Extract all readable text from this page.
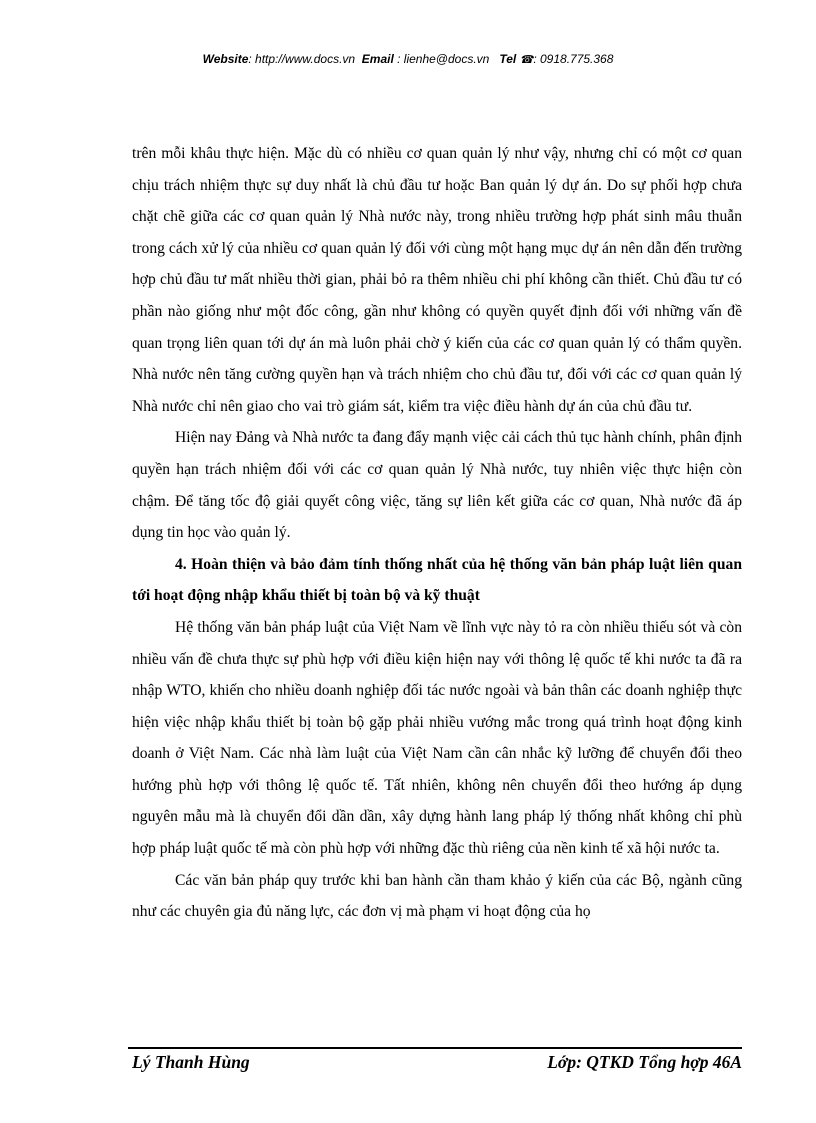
Website: http://www.docs.vn Email : lienhe@docs.vn Tel ☎: 0918.775.368

trên mỗi khâu thực hiện. Mặc dù có nhiều cơ quan quản lý như vậy, nhưng chỉ có một cơ quan chịu trách nhiệm thực sự duy nhất là chủ đầu tư hoặc Ban quản lý dự án. Do sự phối hợp chưa chặt chẽ giữa các cơ quan quản lý Nhà nước này, trong nhiều trường hợp phát sinh mâu thuẫn trong cách xử lý của nhiều cơ quan quản lý đối với cùng một hạng mục dự án nên dẫn đến trường hợp chủ đầu tư mất nhiều thời gian, phải bỏ ra thêm nhiều chi phí không cần thiết. Chủ đầu tư có phần nào giống như một đốc công, gần như không có quyền quyết định đối với những vấn đề quan trọng liên quan tới dự án mà luôn phải chờ ý kiến của các cơ quan quản lý có thẩm quyền. Nhà nước nên tăng cường quyền hạn và trách nhiệm cho chủ đầu tư, đối với các cơ quan quản lý Nhà nước chỉ nên giao cho vai trò giám sát, kiểm tra việc điều hành dự án của chủ đầu tư.

Hiện nay Đảng và Nhà nước ta đang đẩy mạnh việc cải cách thủ tục hành chính, phân định quyền hạn trách nhiệm đối với các cơ quan quản lý Nhà nước, tuy nhiên việc thực hiện còn chậm. Để tăng tốc độ giải quyết công việc, tăng sự liên kết giữa các cơ quan, Nhà nước đã áp dụng tin học vào quản lý.

4. Hoàn thiện và bảo đảm tính thống nhất của hệ thống văn bản pháp luật liên quan tới hoạt động nhập khẩu thiết bị toàn bộ và kỹ thuật

Hệ thống văn bản pháp luật của Việt Nam về lĩnh vực này tỏ ra còn nhiều thiếu sót và còn nhiều vấn đề chưa thực sự phù hợp với điều kiện hiện nay với thông lệ quốc tế khi nước ta đã ra nhập WTO, khiến cho nhiều doanh nghiệp đối tác nước ngoài và bản thân các doanh nghiệp thực hiện việc nhập khẩu thiết bị toàn bộ gặp phải nhiều vướng mắc trong quá trình hoạt động kinh doanh ở Việt Nam. Các nhà làm luật của Việt Nam cần cân nhắc kỹ lưỡng để chuyển đổi theo hướng phù hợp với thông lệ quốc tế. Tất nhiên, không nên chuyển đổi theo hướng áp dụng nguyên mẫu mà là chuyển đổi dần dần, xây dựng hành lang pháp lý thống nhất không chỉ phù hợp pháp luật quốc tế mà còn phù hợp với những đặc thù riêng của nền kinh tế xã hội nước ta.

Các văn bản pháp quy trước khi ban hành cần tham khảo ý kiến của các Bộ, ngành cũng như các chuyên gia đủ năng lực, các đơn vị mà phạm vi hoạt động của họ

Lý Thanh Hùng	Lớp: QTKD Tổng hợp 46A
